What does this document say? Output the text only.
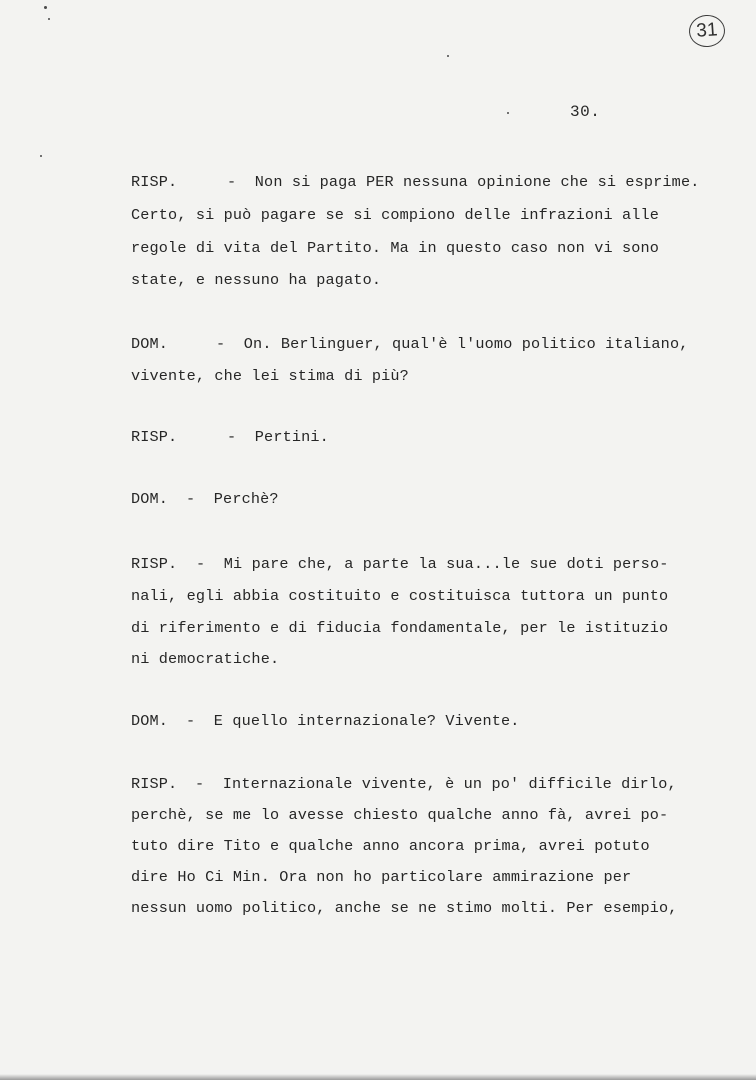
31
30.
RISP.	- Non si paga PER nessuna opinione che si esprime.
Certo, si può pagare se si compiono delle infrazioni alle
regole di vita del Partito. Ma in questo caso non vi sono
state, e nessuno ha pagato.
DOM.	- On. Berlinguer, qual'è l'uomo politico italiano,
vivente, che lei stima di più?
RISP.	- Pertini.
DOM. - Perchè?
RISP. - Mi pare che, a parte la sua...le sue doti perso-
nali, egli abbia costituito e costituisca tuttora un punto
di riferimento e di fiducia fondamentale, per le istituzio
ni democratiche.
DOM. - E quello internazionale? Vivente.
RISP. - Internazionale vivente, è un po' difficile dirlo,
perchè, se me lo avesse chiesto qualche anno fà, avrei po-
tuto dire Tito e qualche anno ancora prima, avrei potuto
dire Ho Ci Min. Ora non ho particolare ammirazione per
nessun uomo politico, anche se ne stimo molti. Per esempio,
